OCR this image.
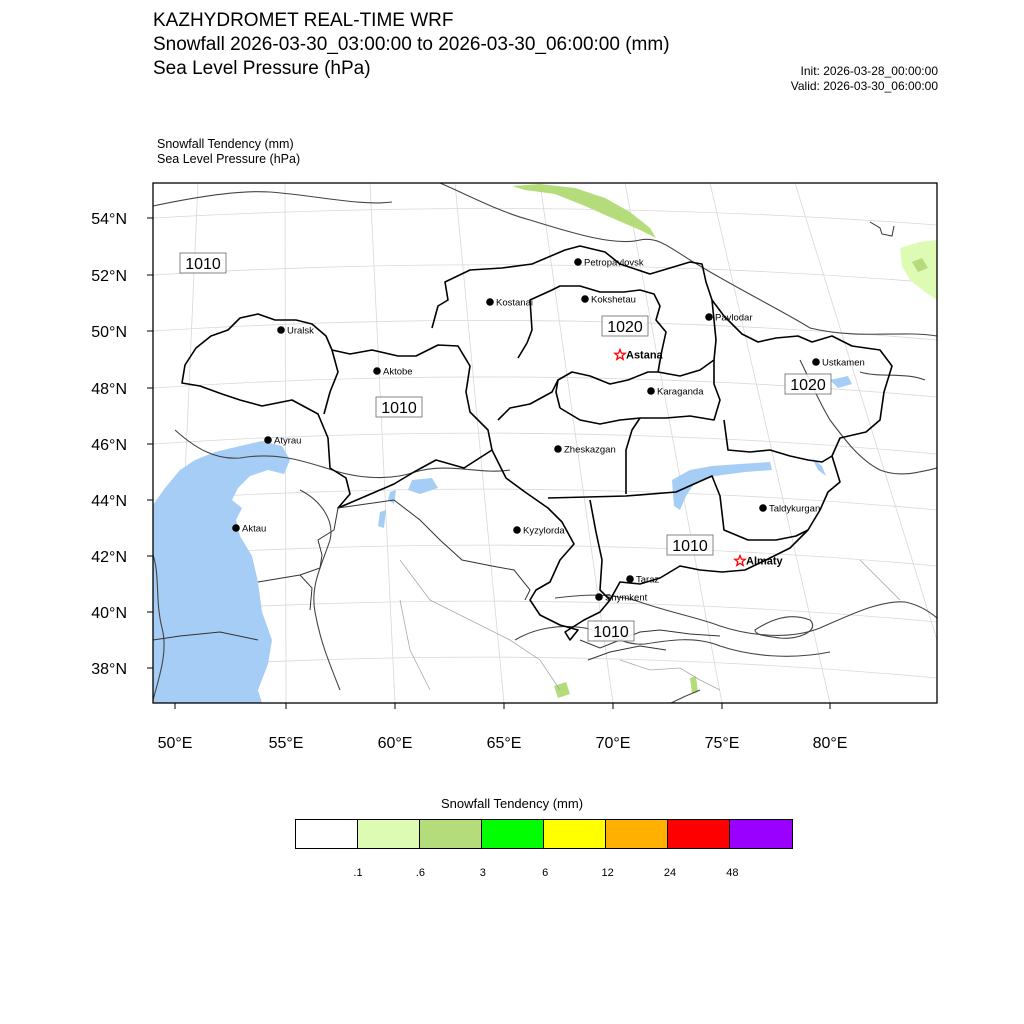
KAZHYDROMET REAL-TIME WRF
Snowfall 2026-03-30_03:00:00 to 2026-03-30_06:00:00 (mm)
Sea Level Pressure (hPa)	Init: 2026-03-28_00:00:00
Valid: 2026-03-30_06:00:00
Snowfall Tendency (mm)
Sea Level Pressure (hPa)
54°N
52°N
50°N
48°N
46°N
44°N
42°N
40°N
38°N
50°E	55°E	60°E	65°E	70°E	75°E	80°E
Petropavlovsk
Kostanai	Kokshetau
Pavlodar
Uralsk
Astana
Ustkamen
Aktobe
Karaganda
Atyrau
Zheskazgan
Aktau	Kyzylorda
Taldykurgan
Almaty
Taraz
Shymkent
1010
1010
1020
1020
1010
1010
Snowfall Tendency (mm)
.1	.6	3	6	12	24	48
